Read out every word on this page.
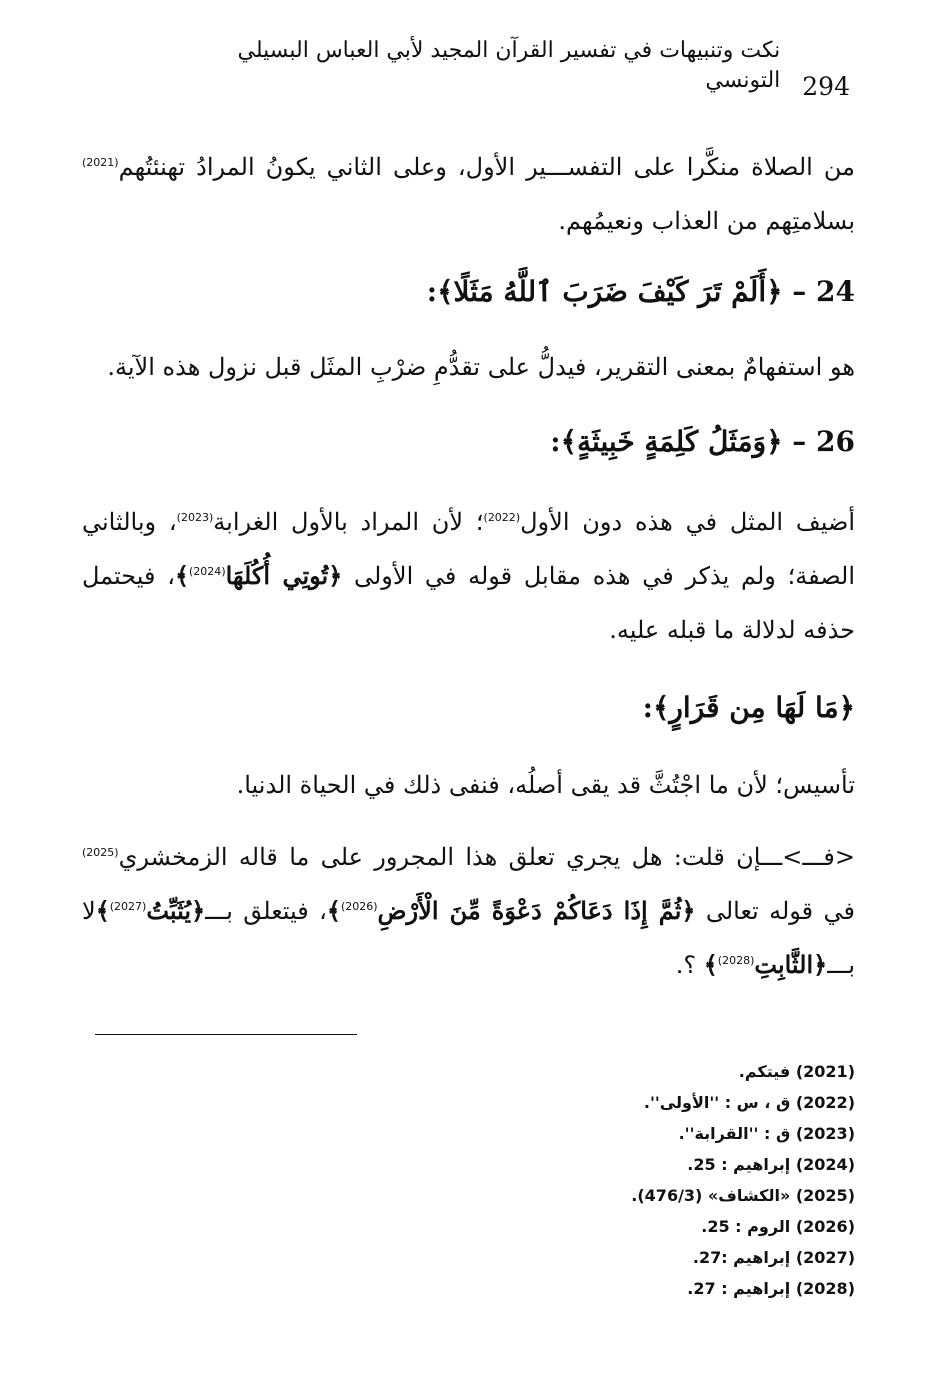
294
نكت وتنبيهات في تفسير القرآن المجيد لأبي العباس البسيلي التونسي

من الصلاة منكَّرا على التفســـير الأول، وعلى الثاني يكونُ المرادُ تهنئتُهم$^{(2021)}$ بسلامتِهم من العذاب ونعيمُهم.

24 – ﴿أَلَمْ تَرَ كَيْفَ ضَرَبَ ٱللَّهُ مَثَلًا﴾:

هو استفهامٌ بمعنى التقرير، فيدلُّ على تقدُّمِ ضرْبِ المثَل قبل نزول هذه الآية.

26 – ﴿وَمَثَلُ كَلِمَةٍ خَبِيثَةٍ﴾:

أضيف المثل في هذه دون الأول$^{(2022)}$؛ لأن المراد بالأول الغرابة$^{(2023)}$، وبالثاني الصفة؛ ولم يذكر في هذه مقابل قوله في الأولى ﴿تُوتِي أُكُلَهَا$^{(2024)}$﴾، فيحتمل حذفه لدلالة ما قبله عليه.

﴿مَا لَهَا مِن قَرَارٍ﴾:

تأسيس؛ لأن ما اجْتُثَّ قد يقى أصلُه، فنفى ذلك في الحياة الدنيا.

<فـــ>ـــإن قلت: هل يجري تعلق هذا المجرور على ما قاله الزمخشري$^{(2025)}$ في قوله تعالى ﴿ثُمَّ إِذَا دَعَاكُمْ دَعْوَةً مِّنَ الْأَرْضِ$^{(2026)}$﴾، فيتعلق بـــ﴿يُثَبِّتُ$^{(2027)}$﴾لا بـــ﴿الثَّابِتِ$^{(2028)}$﴾ ؟.

(2021) فيتكم.
(2022) ق ، س : ''الأولى''.
(2023) ق : ''القرابة''.
(2024) إبراهيم : 25.
(2025) «الكشاف» (476/3).
(2026) الروم : 25.
(2027) إبراهيم :27.
(2028) إبراهيم : 27.
